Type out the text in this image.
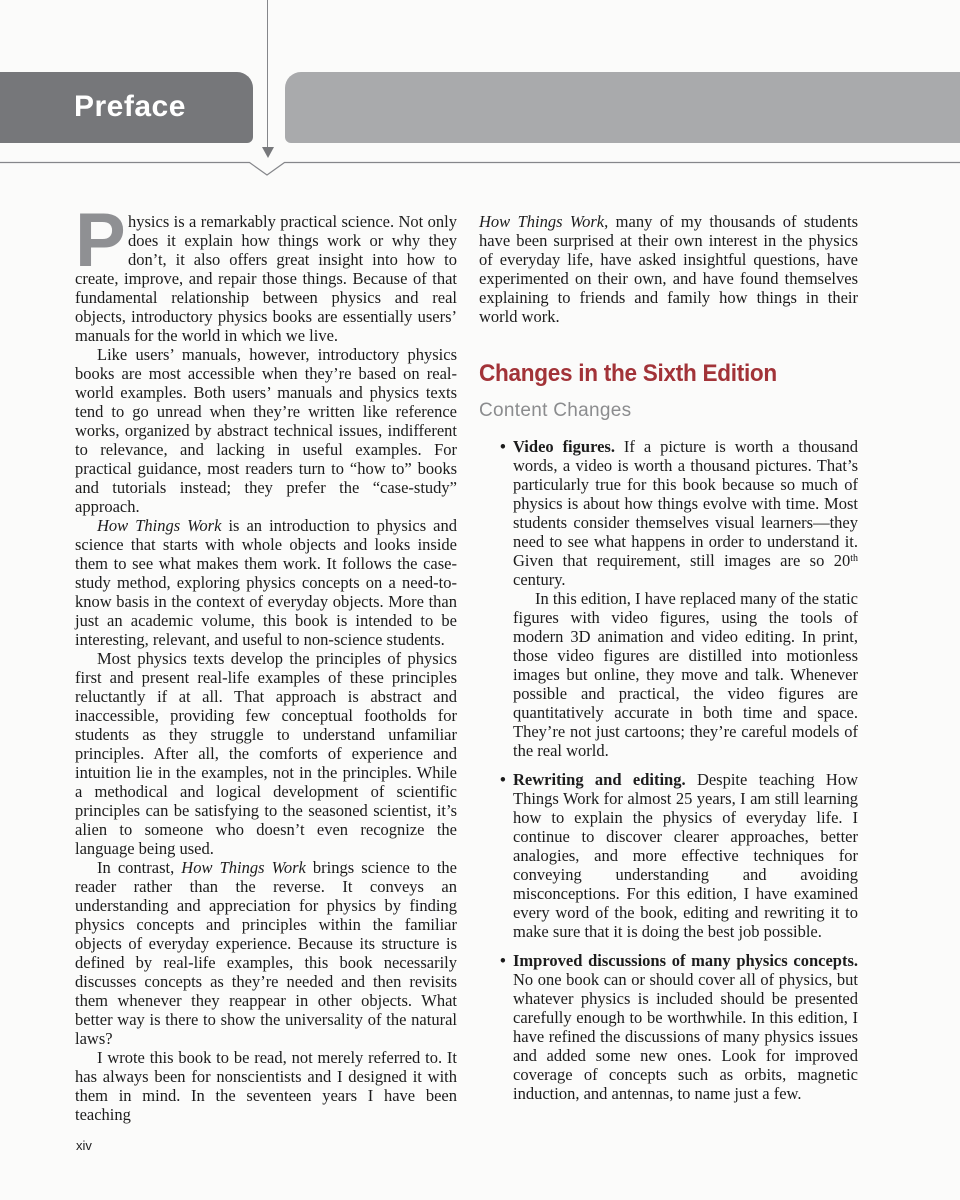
Preface

Physics is a remarkably practical science. Not only does it explain how things work or why they don’t, it also offers great insight into how to create, improve, and repair those things. Because of that fundamental relationship between physics and real objects, introductory physics books are essentially users’ manuals for the world in which we live.

Like users’ manuals, however, introductory physics books are most accessible when they’re based on real-world examples. Both users’ manuals and physics texts tend to go unread when they’re written like reference works, organized by abstract technical issues, indifferent to relevance, and lacking in useful examples. For practical guidance, most readers turn to “how to” books and tutorials instead; they prefer the “case-study” approach.

How Things Work is an introduction to physics and science that starts with whole objects and looks inside them to see what makes them work. It follows the case-study method, exploring physics concepts on a need-to-know basis in the context of everyday objects. More than just an academic volume, this book is intended to be interesting, relevant, and useful to non-science students.

Most physics texts develop the principles of physics first and present real-life examples of these principles reluctantly if at all. That approach is abstract and inaccessible, providing few conceptual footholds for students as they struggle to understand unfamiliar principles. After all, the comforts of experience and intuition lie in the examples, not in the principles. While a methodical and logical development of scientific principles can be satisfying to the seasoned scientist, it’s alien to someone who doesn’t even recognize the language being used.

In contrast, How Things Work brings science to the reader rather than the reverse. It conveys an understanding and appreciation for physics by finding physics concepts and principles within the familiar objects of everyday experience. Because its structure is defined by real-life examples, this book necessarily discusses concepts as they’re needed and then revisits them whenever they reappear in other objects. What better way is there to show the universality of the natural laws?

I wrote this book to be read, not merely referred to. It has always been for nonscientists and I designed it with them in mind. In the seventeen years I have been teaching

How Things Work, many of my thousands of students have been surprised at their own interest in the physics of everyday life, have asked insightful questions, have experimented on their own, and have found themselves explaining to friends and family how things in their world work.

Changes in the Sixth Edition
Content Changes
• Video figures. If a picture is worth a thousand words, a video is worth a thousand pictures. That’s particularly true for this book because so much of physics is about how things evolve with time. Most students consider themselves visual learners—they need to see what happens in order to understand it. Given that requirement, still images are so 20th century.

In this edition, I have replaced many of the static figures with video figures, using the tools of modern 3D animation and video editing. In print, those video figures are distilled into motionless images but online, they move and talk. Whenever possible and practical, the video figures are quantitatively accurate in both time and space. They’re not just cartoons; they’re careful models of the real world.

• Rewriting and editing. Despite teaching How Things Work for almost 25 years, I am still learning how to explain the physics of everyday life. I continue to discover clearer approaches, better analogies, and more effective techniques for conveying understanding and avoiding misconceptions. For this edition, I have examined every word of the book, editing and rewriting it to make sure that it is doing the best job possible.

• Improved discussions of many physics concepts. No one book can or should cover all of physics, but whatever physics is included should be presented carefully enough to be worthwhile. In this edition, I have refined the discussions of many physics issues and added some new ones. Look for improved coverage of concepts such as orbits, magnetic induction, and antennas, to name just a few.

xiv
